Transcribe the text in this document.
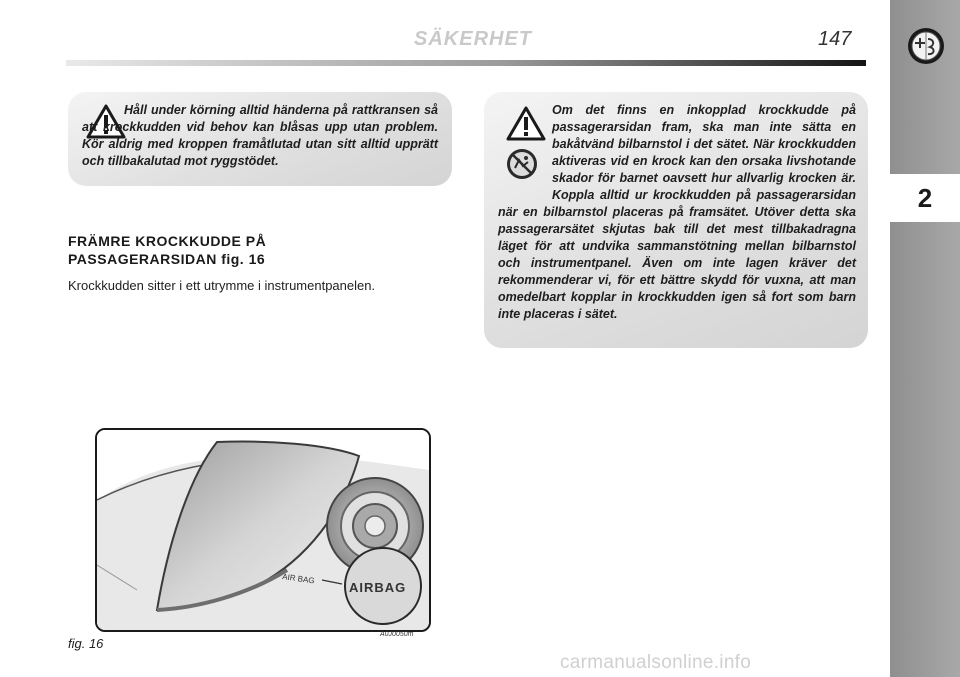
SÄKERHET	147
2

Håll under körning alltid händerna på rattkransen så att krockkudden vid behov kan blåsas upp utan problem. Kör aldrig med kroppen framåtlutad utan sitt alltid upprätt och tillbakalutad mot ryggstödet.

Om det finns en inkopplad krockkudde på passagerarsidan fram, ska man inte sätta en bakåtvänd bilbarnstol i det sätet. När krockkudden aktiveras vid en krock kan den orsaka livshotande skador för barnet oavsett hur allvarlig krocken är. Koppla alltid ur krockkudden på passagerarsidan när en bilbarnstol placeras på framsätet. Utöver detta ska passagerarsätet skjutas bak till det mest tillbakadragna läget för att undvika sammanstötning mellan bilbarnstol och instrumentpanel. Även om inte lagen kräver det rekommenderar vi, för ett bättre skydd för vuxna, att man omedelbart kopplar in krockkudden igen så fort som barn inte placeras i sätet.

FRÄMRE KROCKKUDDE PÅ
PASSAGERARSIDAN fig. 16

Krockkudden sitter i ett utrymme i instrumentpanelen.

AIR BAG
AIRBAG
fig. 16
A0J0050m
carmanualsonline.info
